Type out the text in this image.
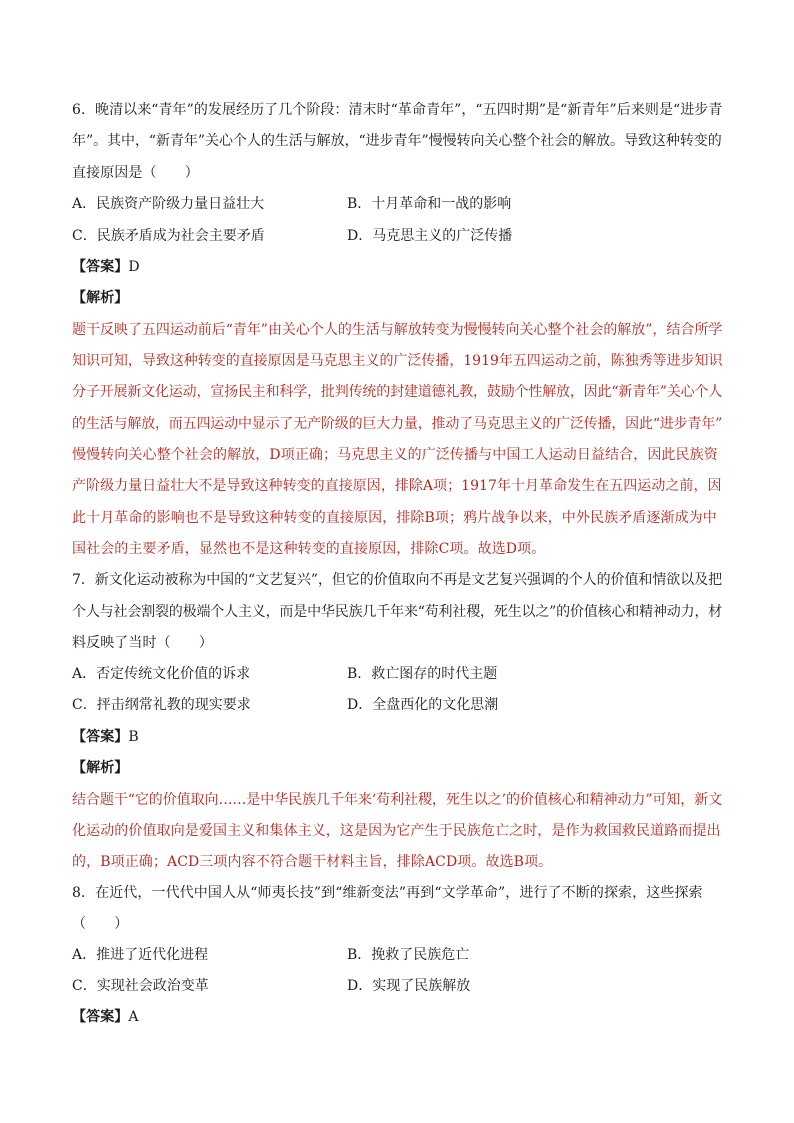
6．晚清以来“青年”的发展经历了几个阶段：清末时“革命青年”，“五四时期”是“新青年”后来则是“进步青
年”。其中，“新青年”关心个人的生活与解放，“进步青年”慢慢转向关心整个社会的解放。导致这种转变的
直接原因是（　　）
A．民族资产阶级力量日益壮大	B．十月革命和一战的影响
C．民族矛盾成为社会主要矛盾	D．马克思主义的广泛传播
【答案】D
【解析】
题干反映了五四运动前后“青年”由关心个人的生活与解放转变为慢慢转向关心整个社会的解放”，结合所学
知识可知，导致这种转变的直接原因是马克思主义的广泛传播，1919年五四运动之前，陈独秀等进步知识
分子开展新文化运动，宣扬民主和科学，批判传统的封建道德礼教，鼓励个性解放，因此“新青年”关心个人
的生活与解放，而五四运动中显示了无产阶级的巨大力量，推动了马克思主义的广泛传播，因此“进步青年”
慢慢转向关心整个社会的解放，D项正确；马克思主义的广泛传播与中国工人运动日益结合，因此民族资
产阶级力量日益壮大不是导致这种转变的直接原因，排除A项；1917年十月革命发生在五四运动之前，因
此十月革命的影响也不是导致这种转变的直接原因，排除B项；鸦片战争以来，中外民族矛盾逐渐成为中
国社会的主要矛盾，显然也不是这种转变的直接原因，排除C项。故选D项。
7．新文化运动被称为中国的“文艺复兴”，但它的价值取向不再是文艺复兴强调的个人的价值和情欲以及把
个人与社会割裂的极端个人主义，而是中华民族几千年来“苟利社稷，死生以之”的价值核心和精神动力，材
料反映了当时（　　）
A．否定传统文化价值的诉求	B．救亡图存的时代主题
C．抨击纲常礼教的现实要求	D．全盘西化的文化思潮
【答案】B
【解析】
结合题干“它的价值取向……是中华民族几千年来‘苟利社稷，死生以之’的价值核心和精神动力”可知，新文
化运动的价值取向是爱国主义和集体主义，这是因为它产生于民族危亡之时，是作为救国救民道路而提出
的，B项正确；ACD三项内容不符合题干材料主旨，排除ACD项。故选B项。
8．在近代，一代代中国人从“师夷长技”到“维新变法”再到“文学革命”，进行了不断的探索，这些探索
（　　）
A．推进了近代化进程	B．挽救了民族危亡
C．实现社会政治变革	D．实现了民族解放
【答案】A
